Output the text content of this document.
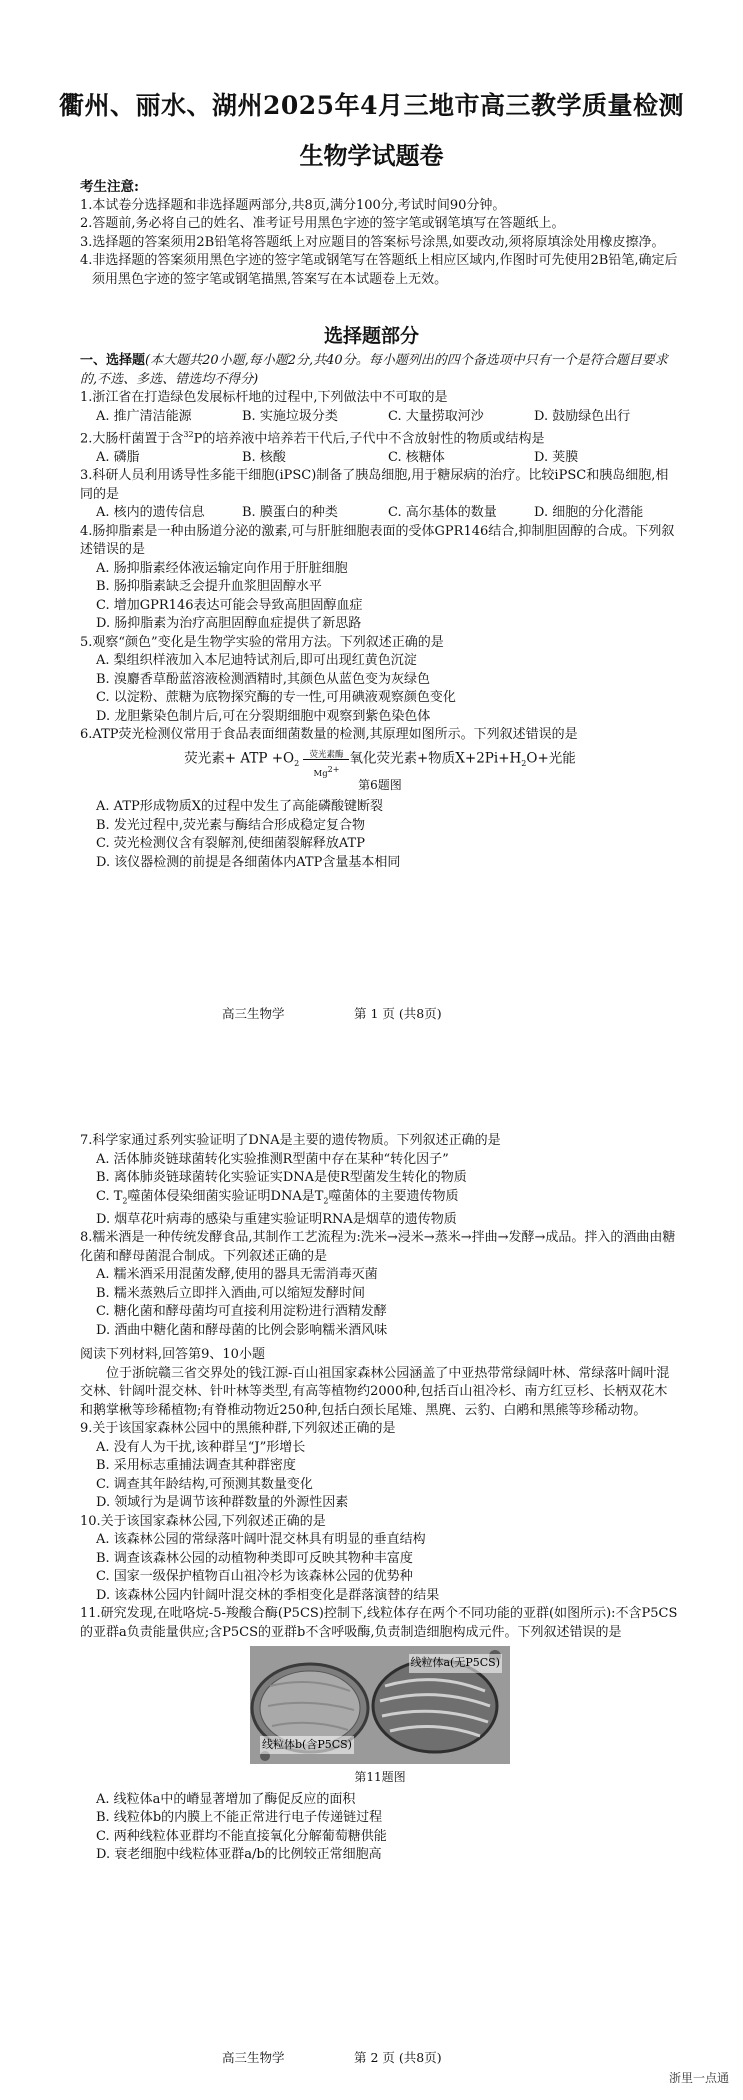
衢州、丽水、湖州2025年4月三地市高三教学质量检测
生物学试题卷

考生注意:

1.本试卷分选择题和非选择题两部分,共8页,满分100分,考试时间90分钟。

2.答题前,务必将自己的姓名、准考证号用黑色字迹的签字笔或钢笔填写在答题纸上。

3.选择题的答案须用2B铅笔将答题纸上对应题目的答案标号涂黑,如要改动,须将原填涂处用橡皮擦净。

4.非选择题的答案须用黑色字迹的签字笔或钢笔写在答题纸上相应区域内,作图时可先使用2B铅笔,确定后须用黑色字迹的签字笔或钢笔描黑,答案写在本试题卷上无效。

选择题部分

一、选择题(本大题共20小题,每小题2分,共40分。每小题列出的四个备选项中只有一个是符合题目要求的,不选、多选、错选均不得分)

1.浙江省在打造绿色发展标杆地的过程中,下列做法中不可取的是

A. 推广清洁能源	B. 实施垃圾分类	C. 大量捞取河沙	D. 鼓励绿色出行

2.大肠杆菌置于含$^{32}$P的培养液中培养若干代后,子代中不含放射性的物质或结构是

A. 磷脂	B. 核酸	C. 核糖体	D. 荚膜

3.科研人员利用诱导性多能干细胞(iPSC)制备了胰岛细胞,用于糖尿病的治疗。比较iPSC和胰岛细胞,相同的是

A. 核内的遗传信息	B. 膜蛋白的种类	C. 高尔基体的数量	D. 细胞的分化潜能

4.肠抑脂素是一种由肠道分泌的激素,可与肝脏细胞表面的受体GPR146结合,抑制胆固醇的合成。下列叙述错误的是

A. 肠抑脂素经体液运输定向作用于肝脏细胞

B. 肠抑脂素缺乏会提升血浆胆固醇水平

C. 增加GPR146表达可能会导致高胆固醇血症

D. 肠抑脂素为治疗高胆固醇血症提供了新思路

5.观察“颜色”变化是生物学实验的常用方法。下列叙述正确的是

A. 梨组织样液加入本尼迪特试剂后,即可出现红黄色沉淀

B. 溴麝香草酚蓝溶液检测酒精时,其颜色从蓝色变为灰绿色

C. 以淀粉、蔗糖为底物探究酶的专一性,可用碘液观察颜色变化

D. 龙胆紫染色制片后,可在分裂期细胞中观察到紫色染色体

6.ATP荧光检测仪常用于食品表面细菌数量的检测,其原理如图所示。下列叙述错误的是

荧光素+ ATP $+O_2$
荧光素酶
$Mg^{2+}$
氧化荧光素+物质$X+2Pi+H_2O+$光能
第6题图

A. ATP形成物质X的过程中发生了高能磷酸键断裂

B. 发光过程中,荧光素与酶结合形成稳定复合物

C. 荧光检测仪含有裂解剂,使细菌裂解释放ATP

D. 该仪器检测的前提是各细菌体内ATP含量基本相同

高三生物学	第 1 页 (共8页)

7.科学家通过系列实验证明了DNA是主要的遗传物质。下列叙述正确的是

A. 活体肺炎链球菌转化实验推测R型菌中存在某种“转化因子”

B. 离体肺炎链球菌转化实验证实DNA是使R型菌发生转化的物质

C. $T_2$噬菌体侵染细菌实验证明DNA是$T_2$噬菌体的主要遗传物质

D. 烟草花叶病毒的感染与重建实验证明RNA是烟草的遗传物质

8.糯米酒是一种传统发酵食品,其制作工艺流程为:洗米→浸米→蒸米→拌曲→发酵→成品。拌入的酒曲由糖化菌和酵母菌混合制成。下列叙述正确的是

A. 糯米酒采用混菌发酵,使用的器具无需消毒灭菌

B. 糯米蒸熟后立即拌入酒曲,可以缩短发酵时间

C. 糖化菌和酵母菌均可直接利用淀粉进行酒精发酵

D. 酒曲中糖化菌和酵母菌的比例会影响糯米酒风味

阅读下列材料,回答第9、10小题

位于浙皖赣三省交界处的钱江源-百山祖国家森林公园涵盖了中亚热带常绿阔叶林、常绿落叶阔叶混交林、针阔叶混交林、针叶林等类型,有高等植物约2000种,包括百山祖冷杉、南方红豆杉、长柄双花木和鹅掌楸等珍稀植物;有脊椎动物近250种,包括白颈长尾雉、黑麂、云豹、白鹇和黑熊等珍稀动物。

9.关于该国家森林公园中的黑熊种群,下列叙述正确的是

A. 没有人为干扰,该种群呈“J”形增长

B. 采用标志重捕法调查其种群密度

C. 调查其年龄结构,可预测其数量变化

D. 领域行为是调节该种群数量的外源性因素

10.关于该国家森林公园,下列叙述正确的是

A. 该森林公园的常绿落叶阔叶混交林具有明显的垂直结构

B. 调查该森林公园的动植物种类即可反映其物种丰富度

C. 国家一级保护植物百山祖冷杉为该森林公园的优势种

D. 该森林公园内针阔叶混交林的季相变化是群落演替的结果

11.研究发现,在吡咯烷-5-羧酸合酶(P5CS)控制下,线粒体存在两个不同功能的亚群(如图所示):不含P5CS的亚群a负责能量供应;含P5CS的亚群b不含呼吸酶,负责制造细胞构成元件。下列叙述错误的是

线粒体a(无P5CS)
线粒体b(含P5CS)
第11题图

A. 线粒体a中的嵴显著增加了酶促反应的面积

B. 线粒体b的内膜上不能正常进行电子传递链过程

C. 两种线粒体亚群均不能直接氧化分解葡萄糖供能

D. 衰老细胞中线粒体亚群a/b的比例较正常细胞高

高三生物学	第 2 页 (共8页)
浙里一点通
